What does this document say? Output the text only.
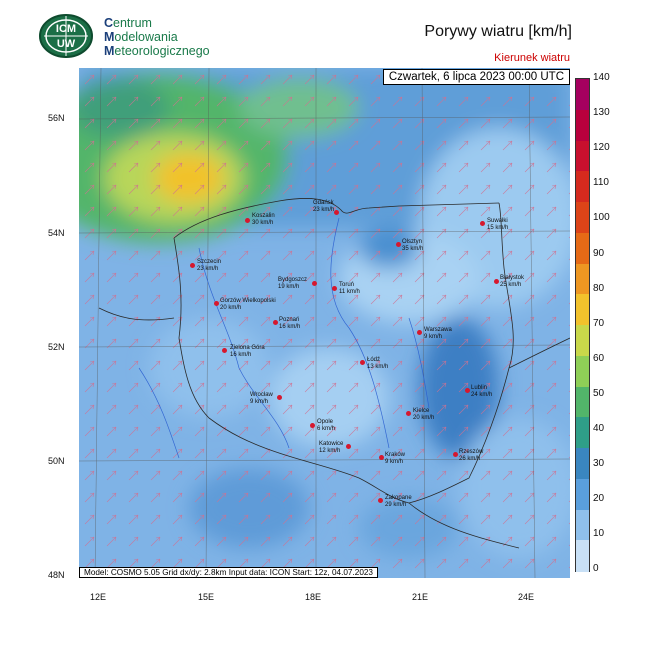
ICM
UW
Centrum
Modelowania
Meteorologicznego
Porywy wiatru [km/h]
Kierunek wiatru
Czwartek, 6 lipca 2023 00:00 UTC
Gdańsk
23 km/h
Koszalin
30 km/h	Suwałki
15 km/h
Olsztyn
35 km/h
Szczecin
23 km/h
Bydgoszcz
19 km/h	Toruń
11 km/h
Białystok
25 km/h
Gorzów Wielkopolski
20 km/h
Poznań
16 km/h
Warszawa
9 km/h
Zielona Góra
16 km/h
Łódź
13 km/h
Lublin
24 km/h
Wrocław
9 km/h
Opole
6 km/h
Kielce
20 km/h
Katowice
12 km/h
Kraków
9 km/h
Rzeszów
26 km/h
Zakopane
29 km/h
Model: COSMO 5.05 Grid dx/dy: 2.8km Input data: ICON Start: 12z, 04.07.2023
56N
54N
52N
50N
48N
12E	15E	18E	21E	24E
140
130
120
110
100
90
80
70
60
50
40
30
20
10
0
